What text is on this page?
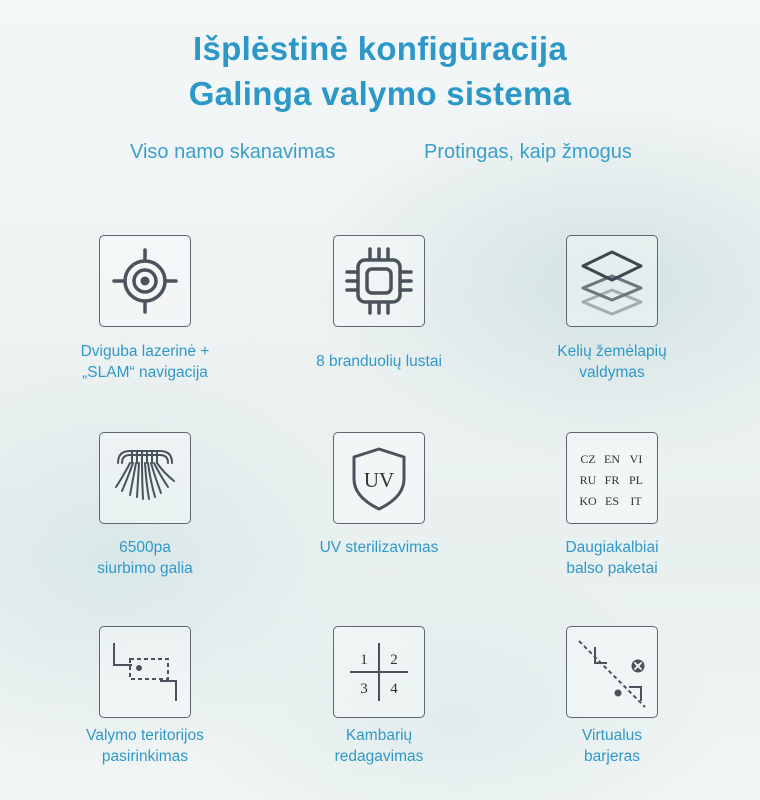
Išplėstinė konfigūracija
Galinga valymo sistema
Viso namo skanavimas	Protingas, kaip žmogus
UV
CZ EN VI
RU FR PL
KO ES IT
1 2
3 4
Dviguba lazerinė +
„SLAM“ navigacija
8 branduolių lustai
Kelių žemėlapių
valdymas
6500pa
siurbimo galia
UV sterilizavimas	Daugiakalbiai
balso paketai
Valymo teritorijos
pasirinkimas
Kambarių
redagavimas
Virtualus
barjeras
